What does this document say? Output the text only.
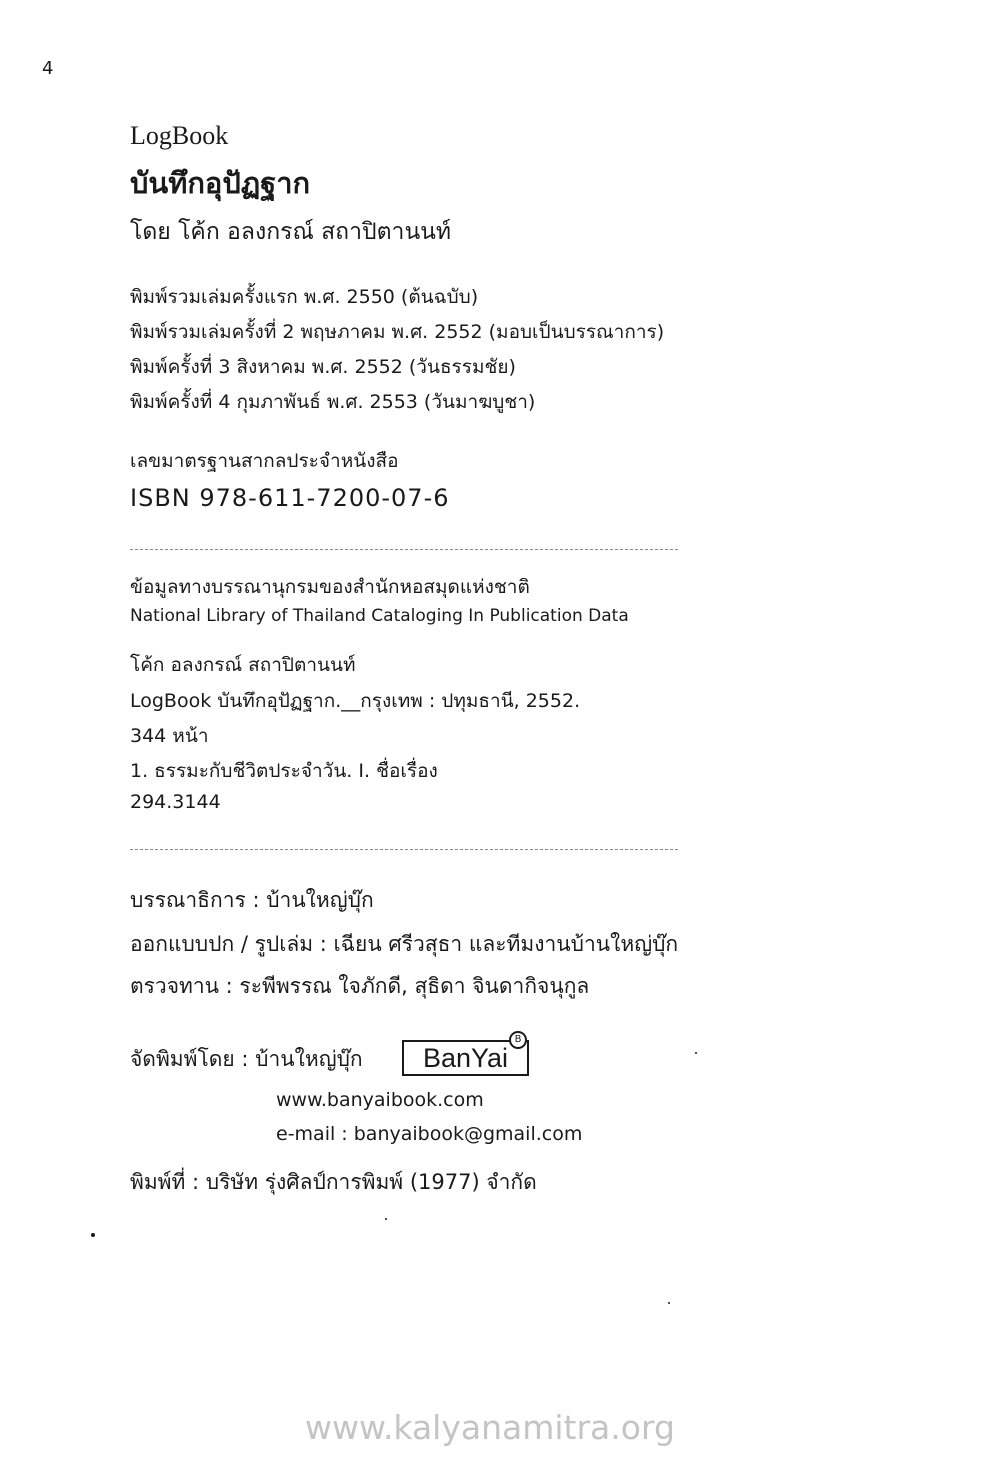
4
LogBook
บันทึกอุปัฏฐาก
โดย โค้ก อลงกรณ์ สถาปิตานนท์
พิมพ์รวมเล่มครั้งแรก พ.ศ. 2550 (ต้นฉบับ)
พิมพ์รวมเล่มครั้งที่ 2 พฤษภาคม พ.ศ. 2552 (มอบเป็นบรรณาการ)
พิมพ์ครั้งที่ 3 สิงหาคม พ.ศ. 2552 (วันธรรมชัย)
พิมพ์ครั้งที่ 4 กุมภาพันธ์ พ.ศ. 2553 (วันมาฆบูชา)
เลขมาตรฐานสากลประจำหนังสือ
ISBN 978-611-7200-07-6
ข้อมูลทางบรรณานุกรมของสำนักหอสมุดแห่งชาติ
National Library of Thailand Cataloging In Publication Data
โค้ก อลงกรณ์ สถาปิตานนท์
LogBook บันทึกอุปัฏฐาก.__กรุงเทพ : ปทุมธานี, 2552.
344 หน้า
1. ธรรมะกับชีวิตประจำวัน. I. ชื่อเรื่อง
294.3144
บรรณาธิการ : บ้านใหญ่บุ๊ก
ออกแบบปก / รูปเล่ม : เฉียน ศรีวสุธา และทีมงานบ้านใหญ่บุ๊ก
ตรวจทาน : ระพีพรรณ ใจภักดี, สุธิดา จินดากิจนุกูล
จัดพิมพ์โดย : บ้านใหญ่บุ๊ก	BanYai
B
www.banyaibook.com
e-mail : banyaibook@gmail.com
พิมพ์ที่ : บริษัท รุ่งศิลป์การพิมพ์ (1977) จำกัด
www.kalyanamitra.org
